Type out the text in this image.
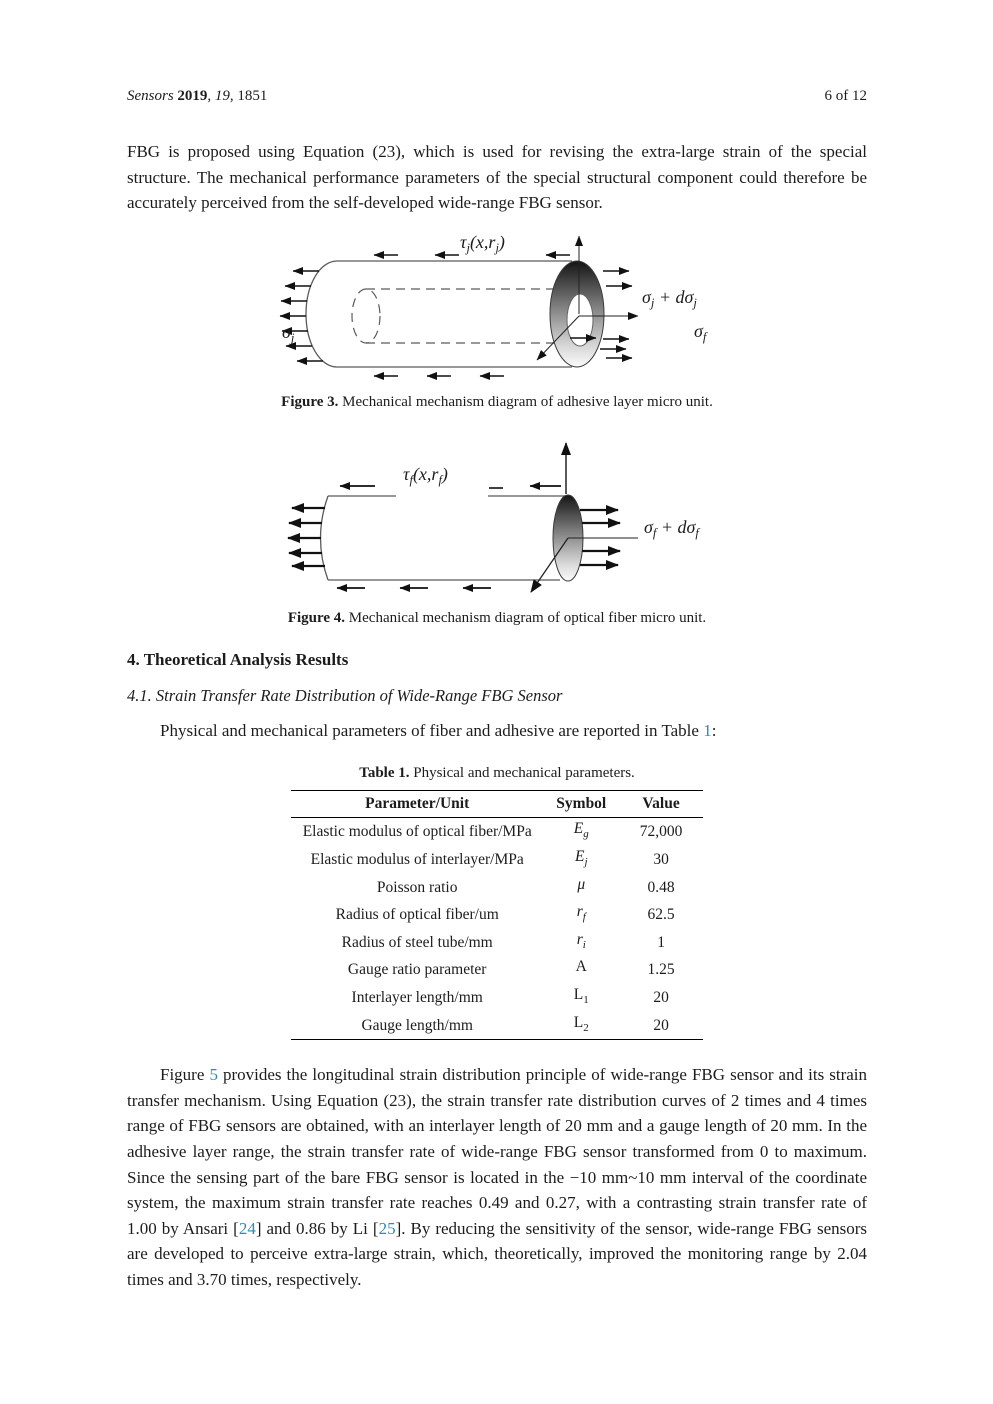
Sensors 2019, 19, 1851	6 of 12

FBG is proposed using Equation (23), which is used for revising the extra-large strain of the special structure. The mechanical performance parameters of the special structural component could therefore be accurately perceived from the self-developed wide-range FBG sensor.

$\tau_j(x,r_j)$
$\sigma_j$
$\sigma_j + d\sigma_j$
$\sigma_f$
Figure 3. Mechanical mechanism diagram of adhesive layer micro unit.
$\tau_f(x,r_f)$
$\sigma_f + d\sigma_f$
Figure 4. Mechanical mechanism diagram of optical fiber micro unit.
4. Theoretical Analysis Results
4.1. Strain Transfer Rate Distribution of Wide-Range FBG Sensor

Physical and mechanical parameters of fiber and adhesive are reported in Table 1:

Table 1. Physical and mechanical parameters.
Parameter/Unit	Symbol	Value
Elastic modulus of optical fiber/MPa	$E_g$	72,000
Elastic modulus of interlayer/MPa	$E_j$	30
Poisson ratio	μ	0.48
Radius of optical fiber/um	$r_f$	62.5
Radius of steel tube/mm	$r_i$	1
Gauge ratio parameter	A	1.25
Interlayer length/mm	$L_1$	20
Gauge length/mm	$L_2$	20

Figure 5 provides the longitudinal strain distribution principle of wide-range FBG sensor and its strain transfer mechanism. Using Equation (23), the strain transfer rate distribution curves of 2 times and 4 times range of FBG sensors are obtained, with an interlayer length of 20 mm and a gauge length of 20 mm. In the adhesive layer range, the strain transfer rate of wide-range FBG sensor transformed from 0 to maximum. Since the sensing part of the bare FBG sensor is located in the −10 mm~10 mm interval of the coordinate system, the maximum strain transfer rate reaches 0.49 and 0.27, with a contrasting strain transfer rate of 1.00 by Ansari [24] and 0.86 by Li [25]. By reducing the sensitivity of the sensor, wide-range FBG sensors are developed to perceive extra-large strain, which, theoretically, improved the monitoring range by 2.04 times and 3.70 times, respectively.
